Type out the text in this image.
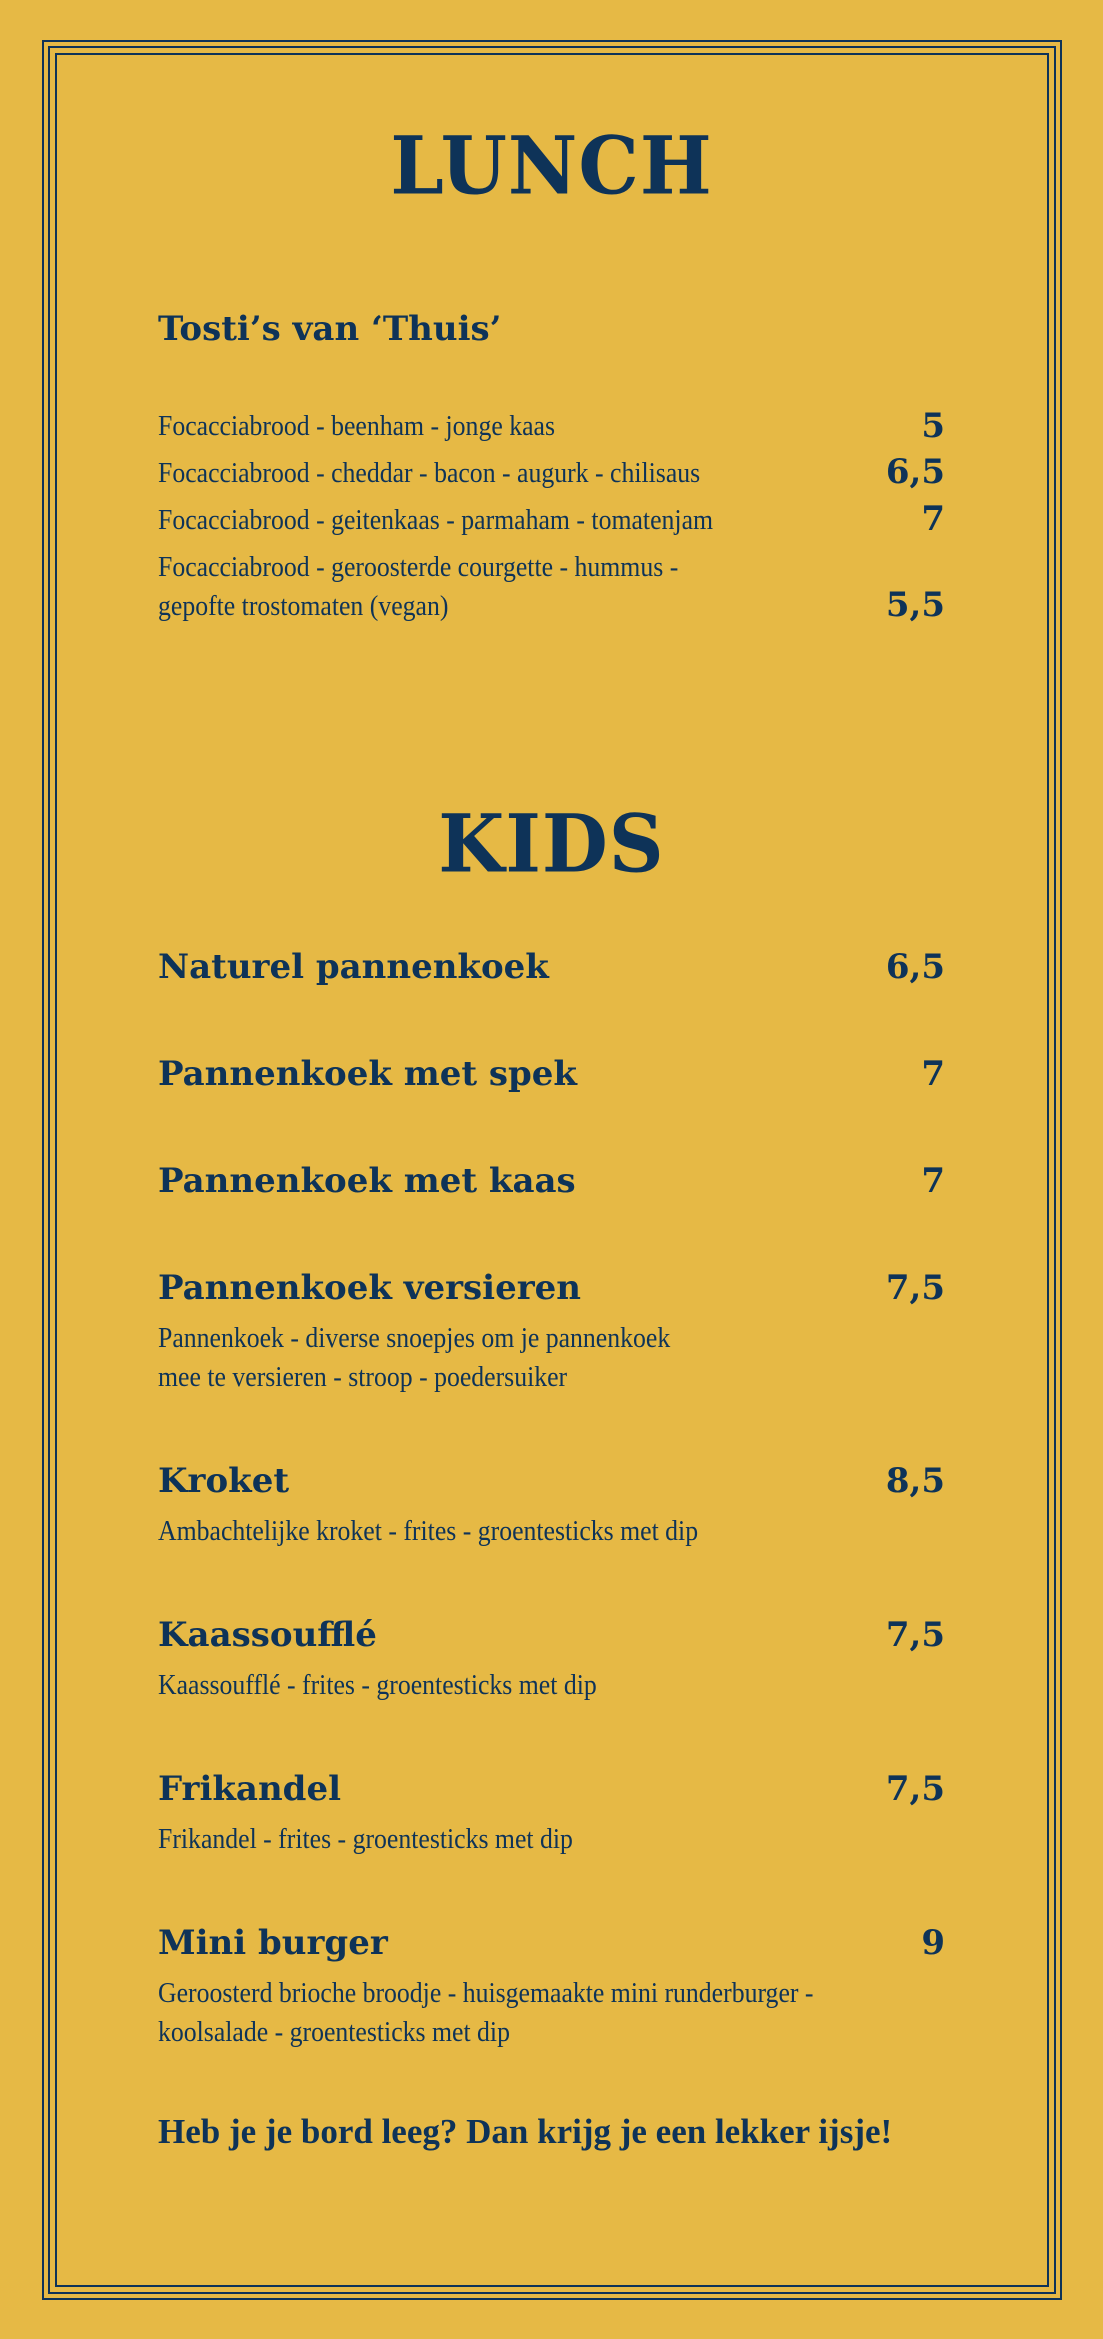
LUNCH
Tosti’s van ‘Thuis’
Focacciabrood - beenham - jonge kaas	5
Focacciabrood - cheddar - bacon - augurk - chilisaus	6,5
Focacciabrood - geitenkaas - parmaham - tomatenjam	7
Focacciabrood - geroosterde courgette - hummus -
gepofte trostomaten (vegan)	5,5
KIDS
Naturel pannenkoek	6,5
Pannenkoek met spek	7
Pannenkoek met kaas	7
Pannenkoek versieren	7,5
Pannenkoek - diverse snoepjes om je pannenkoek
mee te versieren - stroop - poedersuiker
Kroket	8,5
Ambachtelijke kroket - frites - groentesticks met dip
Kaassoufflé	7,5
Kaassoufflé - frites - groentesticks met dip
Frikandel	7,5
Frikandel - frites - groentesticks met dip
Mini burger	9
Geroosterd brioche broodje - huisgemaakte mini runderburger -
koolsalade - groentesticks met dip
Heb je je bord leeg? Dan krijg je een lekker ijsje!
